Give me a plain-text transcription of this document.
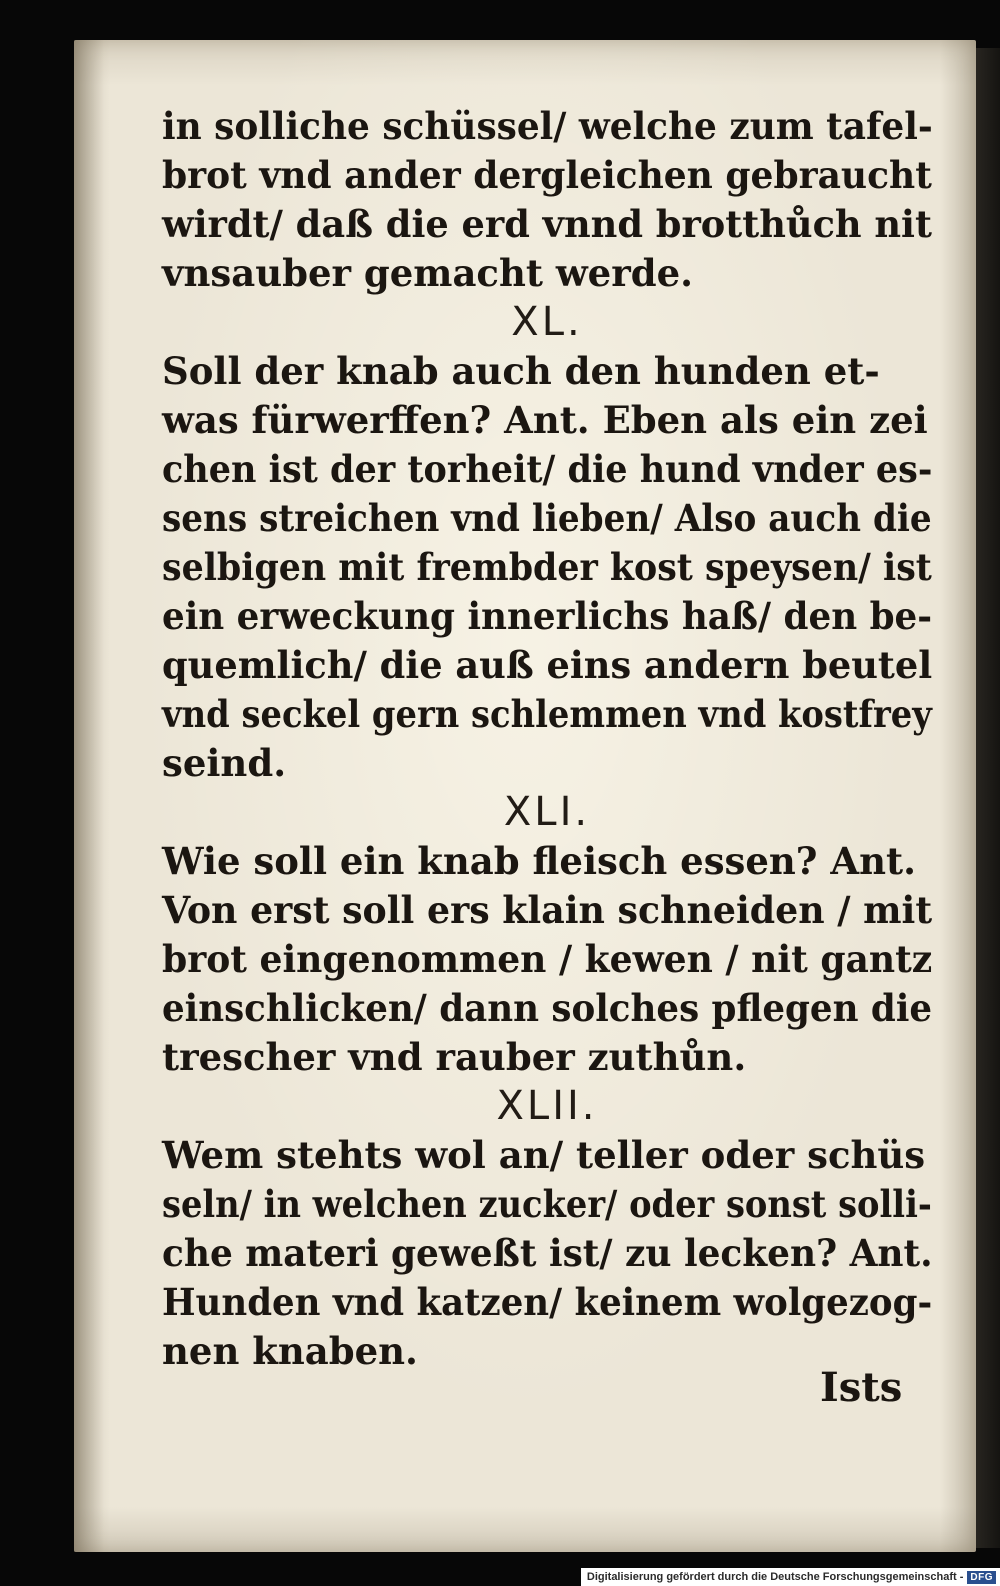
in solliche schüssel/ welche zum tafel-
brot vnd ander dergleichen gebraucht
wirdt/ daß die erd vnnd brotthůch nit
vnsauber gemacht werde.
XL.
Soll der knab auch den hunden et-
was fürwerffen? Ant. Eben als ein zei
chen ist der torheit/ die hund vnder es-
sens streichen vnd lieben/ Also auch die
selbigen mit frembder kost speysen/ ist
ein erweckung innerlichs haß/ den be-
quemlich/ die auß eins andern beutel
vnd seckel gern schlemmen vnd kostfrey
seind.
XLI.
Wie soll ein knab fleisch essen? Ant.
Von erst soll ers klain schneiden / mit
brot eingenommen / kewen / nit gantz
einschlicken/ dann solches pflegen die
trescher vnd rauber zuthůn.
XLII.
Wem stehts wol an/ teller oder schüs
seln/ in welchen zucker/ oder sonst solli-
che materi geweßt ist/ zu lecken? Ant.
Hunden vnd katzen/ keinem wolgezog-
nen knaben.
Ists
Digitalisierung gefördert durch die Deutsche Forschungsgemeinschaft - DFG
